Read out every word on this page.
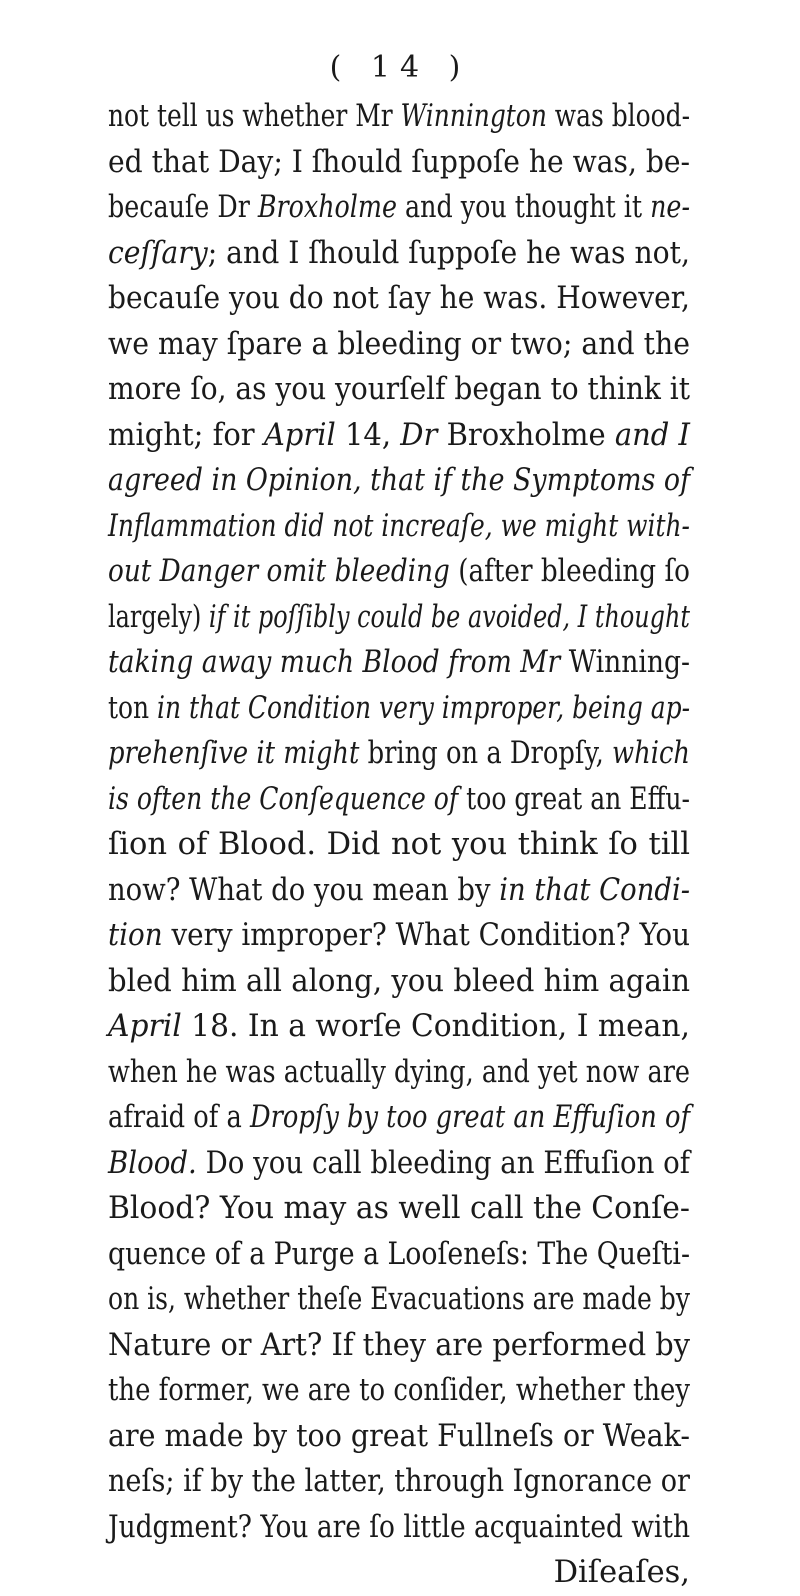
( 14 )
not tell us whether Mr Winnington was blood-
ed that Day; I ſhould ſuppoſe he was, be-
becauſe Dr Broxholme and you thought it ne-
ceſſary; and I ſhould ſuppoſe he was not,
becauſe you do not ſay he was. However,
we may ſpare a bleeding or two; and the
more ſo, as you yourſelf began to think it
might; for April 14, Dr Broxholme and I
agreed in Opinion, that if the Symptoms of
Inflammation did not increaſe, we might with-
out Danger omit bleeding (after bleeding ſo
largely) if it poſſibly could be avoided, I thought
taking away much Blood from Mr Winning-
ton in that Condition very improper, being ap-
prehenſive it might bring on a Dropſy, which
is often the Conſequence of too great an Effu-
ſion of Blood. Did not you think ſo till
now? What do you mean by in that Condi-
tion very improper? What Condition? You
bled him all along, you bleed him again
April 18. In a worſe Condition, I mean,
when he was actually dying, and yet now are
afraid of a Dropſy by too great an Effuſion of
Blood. Do you call bleeding an Effuſion of
Blood? You may as well call the Conſe-
quence of a Purge a Looſeneſs: The Queſti-
on is, whether theſe Evacuations are made by
Nature or Art? If they are performed by
the former, we are to conſider, whether they
are made by too great Fullneſs or Weak-
neſs; if by the latter, through Ignorance or
Judgment? You are ſo little acquainted with
Diſeaſes,
